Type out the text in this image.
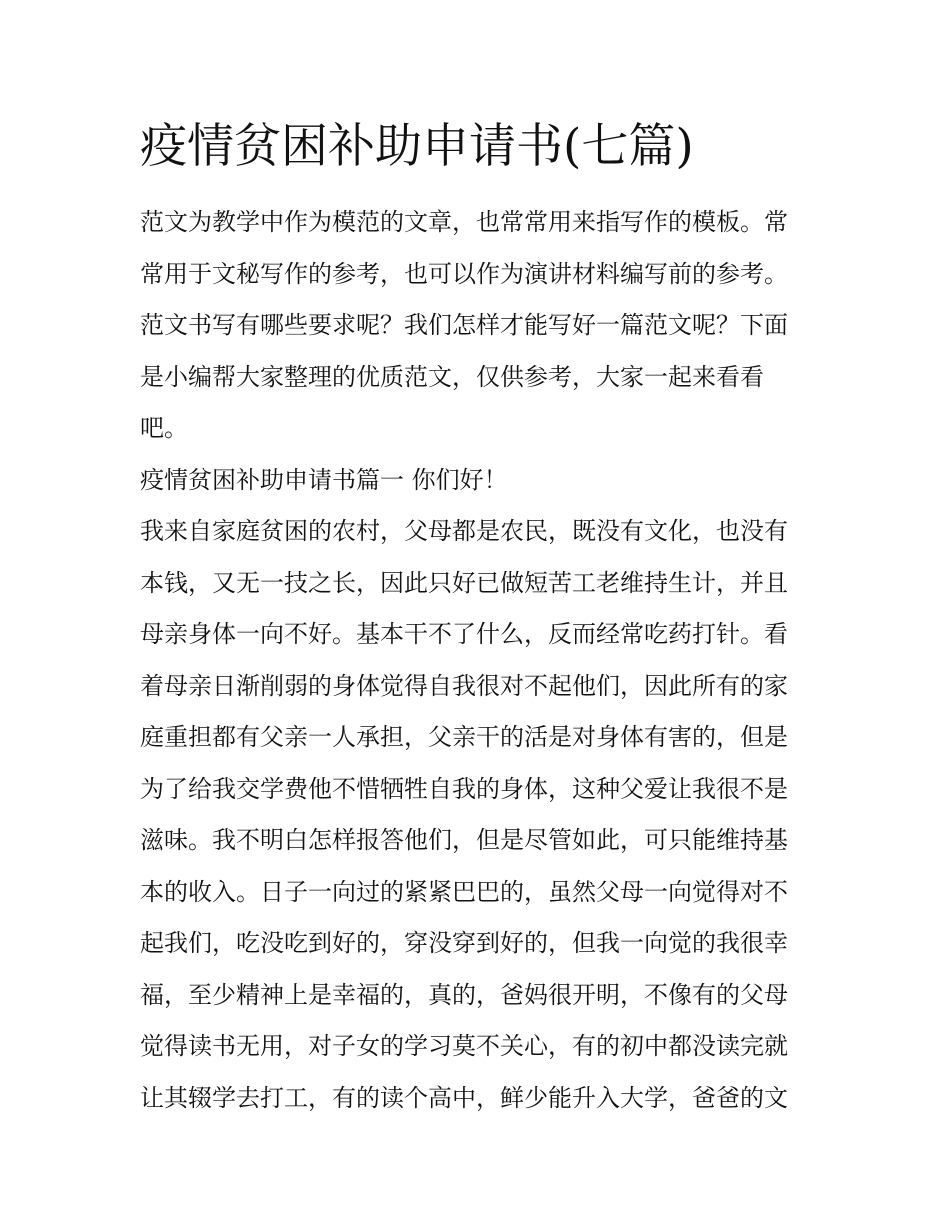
疫情贫困补助申请书(七篇)

范文为教学中作为模范的文章，也常常用来指写作的模板。常

常用于文秘写作的参考，也可以作为演讲材料编写前的参考。

范文书写有哪些要求呢？我们怎样才能写好一篇范文呢？下面

是小编帮大家整理的优质范文，仅供参考，大家一起来看看

吧。

疫情贫困补助申请书篇一 你们好！

我来自家庭贫困的农村，父母都是农民，既没有文化，也没有

本钱，又无一技之长，因此只好已做短苦工老维持生计，并且

母亲身体一向不好。基本干不了什么，反而经常吃药打针。看

着母亲日渐削弱的身体觉得自我很对不起他们，因此所有的家

庭重担都有父亲一人承担，父亲干的活是对身体有害的，但是

为了给我交学费他不惜牺牲自我的身体，这种父爱让我很不是

滋味。我不明白怎样报答他们，但是尽管如此，可只能维持基

本的收入。日子一向过的紧紧巴巴的，虽然父母一向觉得对不

起我们，吃没吃到好的，穿没穿到好的，但我一向觉的我很幸

福，至少精神上是幸福的，真的，爸妈很开明，不像有的父母

觉得读书无用，对子女的学习莫不关心，有的初中都没读完就

让其辍学去打工，有的读个高中，鲜少能升入大学，爸爸的文
